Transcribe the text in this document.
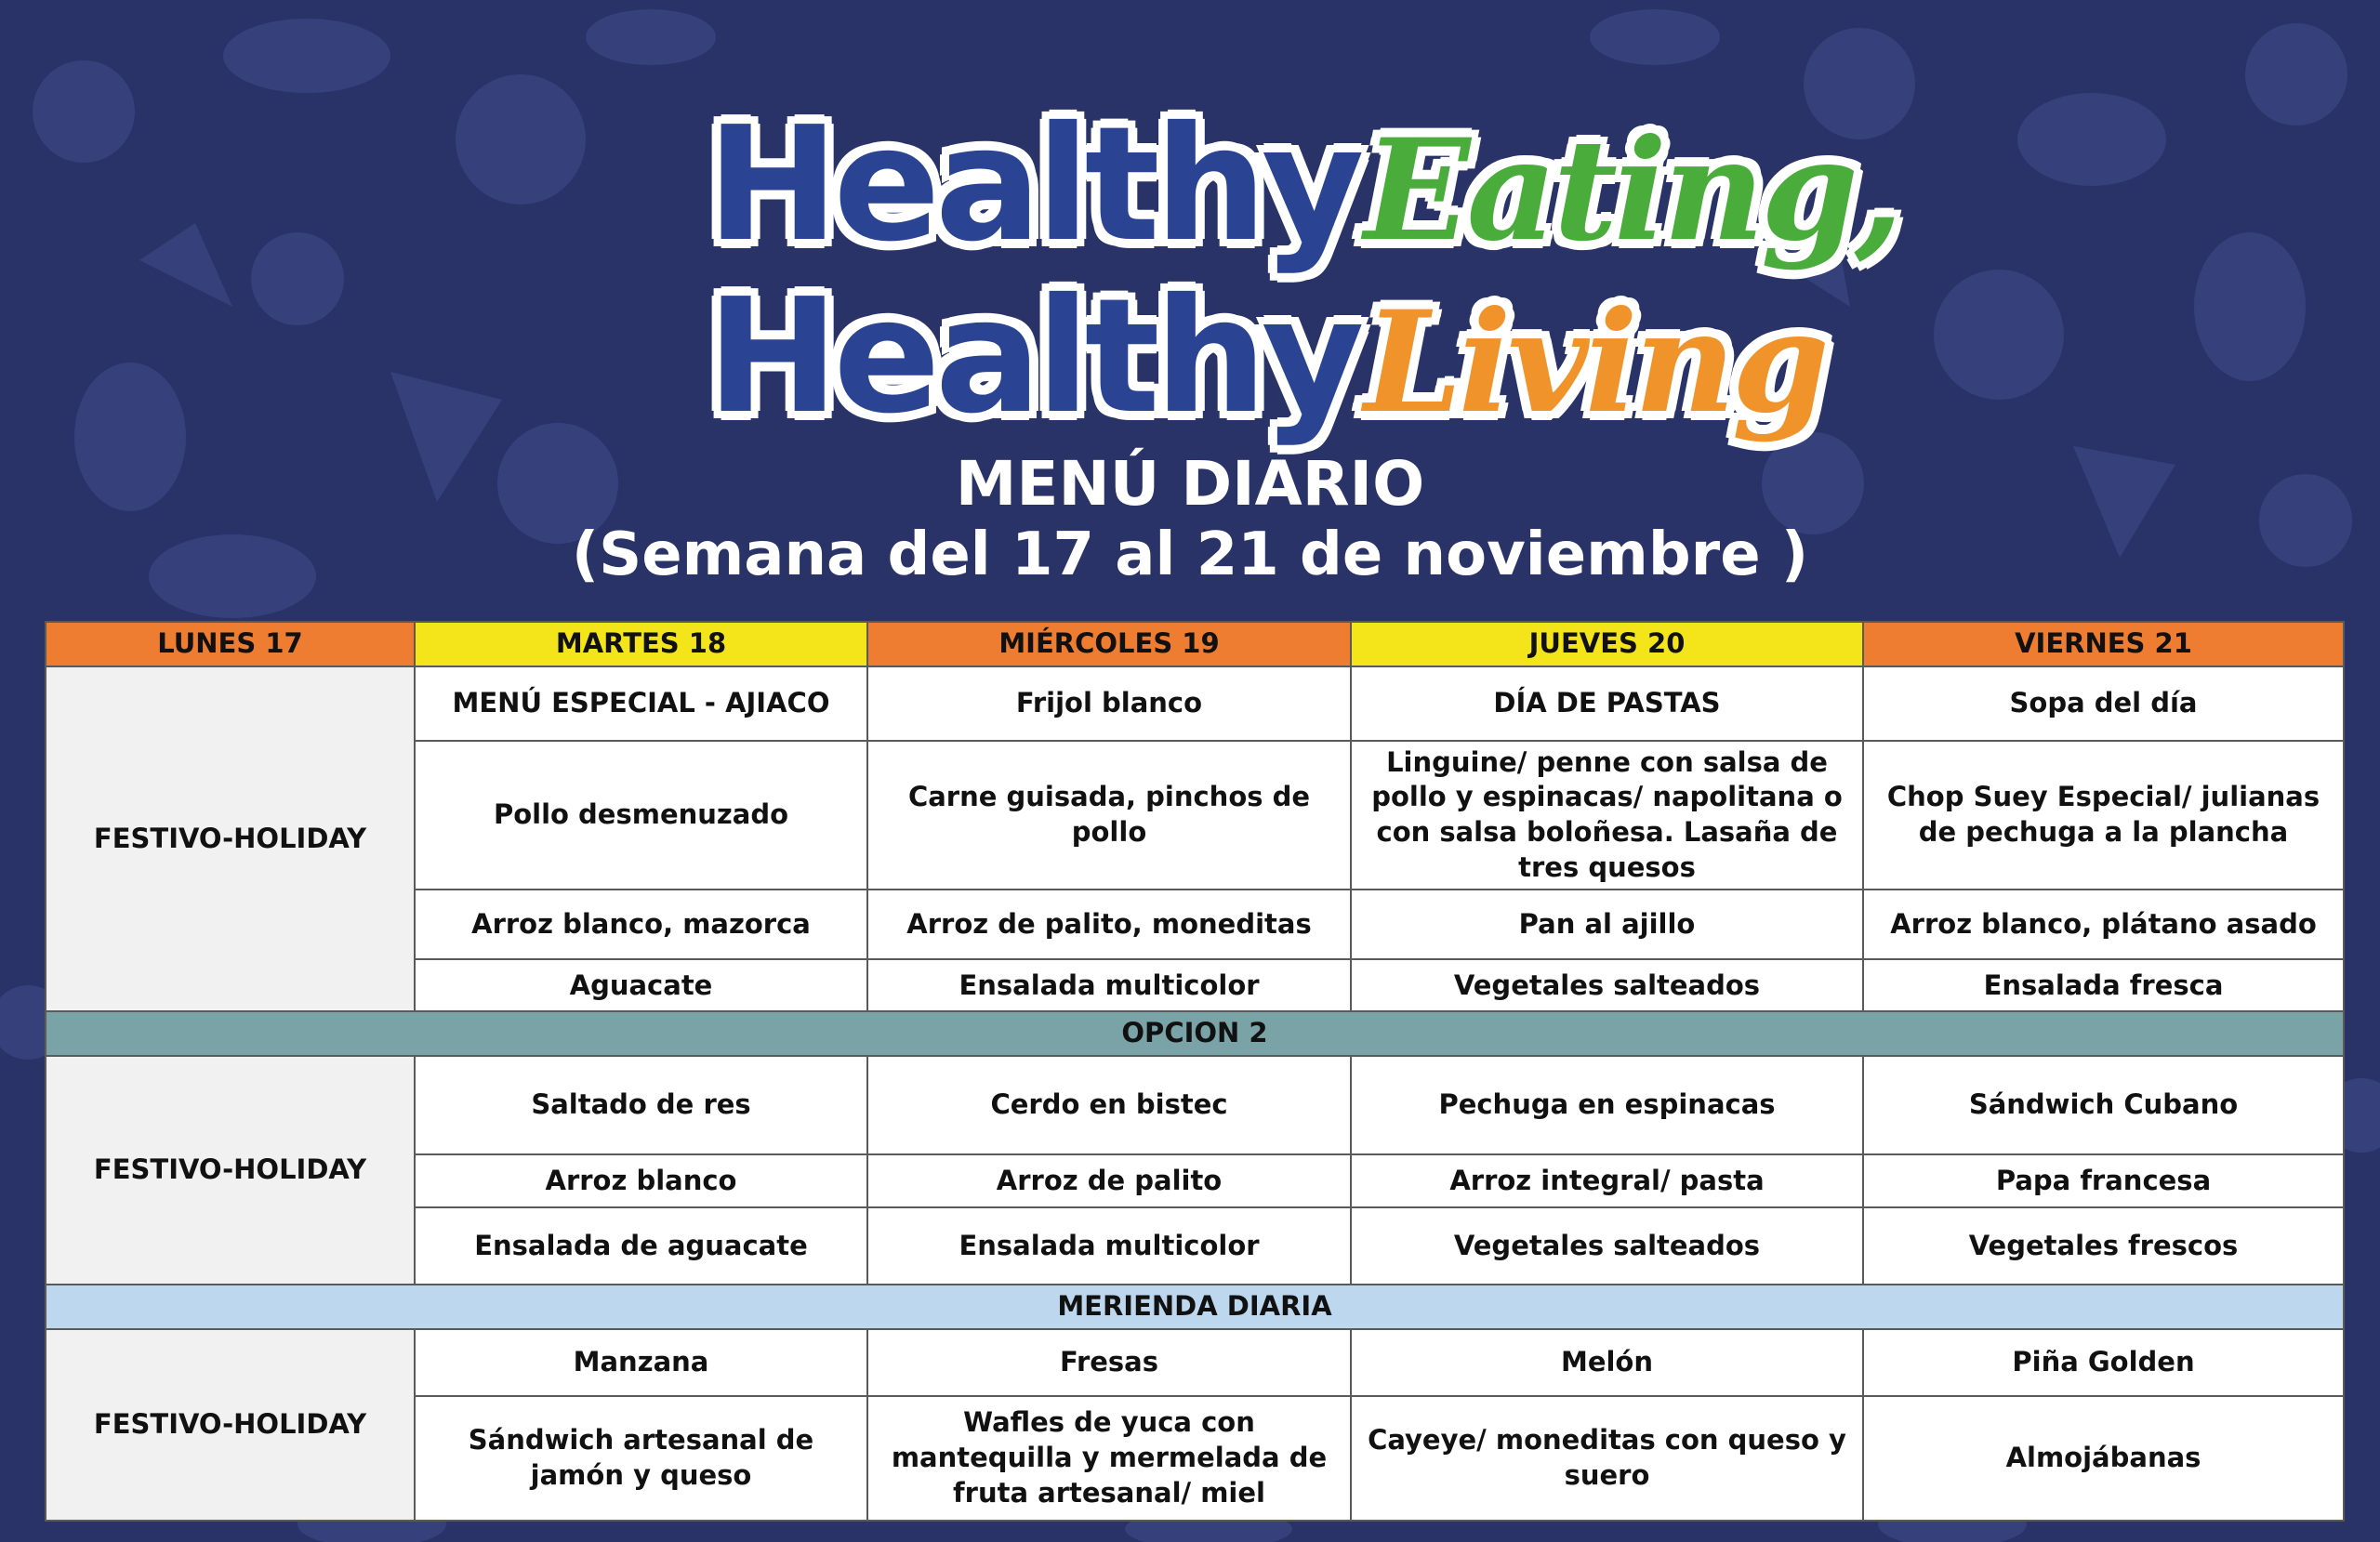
Healthy Eating,
Healthy Living
MENÚ DIARIO
(Semana del 17 al 21 de noviembre )
LUNES 17	MARTES 18	MIÉRCOLES 19	JUEVES 20	VIERNES 21
FESTIVO-HOLIDAY	MENÚ ESPECIAL - AJIACO	Frijol blanco	DÍA DE PASTAS	Sopa del día
	Pollo desmenuzado	Carne guisada, pinchos de pollo	Linguine/ penne con salsa de pollo y espinacas/ napolitana o con salsa boloñesa. Lasaña de tres quesos	Chop Suey Especial/ julianas de pechuga a la plancha
	Arroz blanco, mazorca	Arroz de palito, moneditas	Pan al ajillo	Arroz blanco, plátano asado
	Aguacate	Ensalada multicolor	Vegetales salteados	Ensalada fresca
OPCION 2				
FESTIVO-HOLIDAY	Saltado de res	Cerdo en bistec	Pechuga en espinacas	Sándwich Cubano
	Arroz blanco	Arroz de palito	Arroz integral/ pasta	Papa francesa
	Ensalada de aguacate	Ensalada multicolor	Vegetales salteados	Vegetales frescos
MERIENDA DIARIA				
FESTIVO-HOLIDAY	Manzana	Fresas	Melón	Piña Golden
	Sándwich artesanal de jamón y queso	Wafles de yuca con mantequilla y mermelada de fruta artesanal/ miel	Cayeye/ moneditas con queso y suero	Almojábanas
